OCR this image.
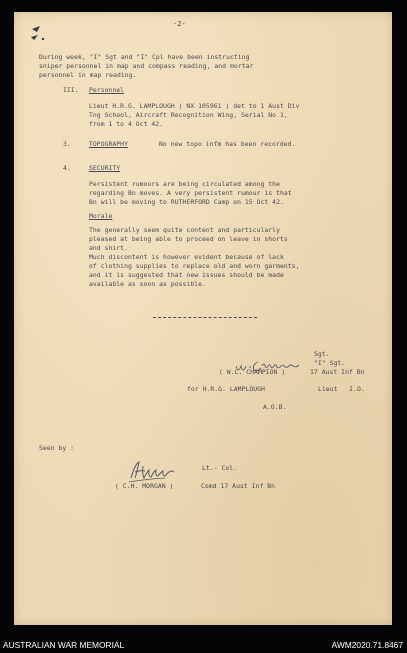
-2-
During week, "I" Sgt and "I" Cpl have been instructing
sniper personnel in map and compass reading, and mortar
personnel in map reading.
III. Personnel
Lieut H.R.G. LAMPLOUGH ( NX 105961 ) det to 1 Aust Div
Tng School, Aircraft Recognition Wing, Serial No 1,
from 1 to 4 Oct 42.
3.	TOPOGRAPHY	No new topo infm has been recorded.
4.	SECURITY
Persistent rumours are being circulated among the
regarding Bn moves. A very persistent rumour is that
Bn will be moving to RUTHERFORD Camp on 15 Oct 42.
Morale
The generally seem quite content and particularly
pleased at being able to proceed on leave in shorts
and shirt.
Much discontent is however evident because of lack
of clothing supplies to replace old and worn garments,
and it is suggested that new issues should be made
available as soon as possible.
Sgt.
"I" Sgt.
( W.L. CHAMPION )	17 Aust Inf Bn
for H.R.G. LAMPLOUGH	Lieut   I.O.
A.O.B.
Seen by :
Lt.- Col.
( C.H. MORGAN )	Comd 17 Aust Inf Bn
AUSTRALIAN WAR MEMORIAL	AWM2020.71.8467
